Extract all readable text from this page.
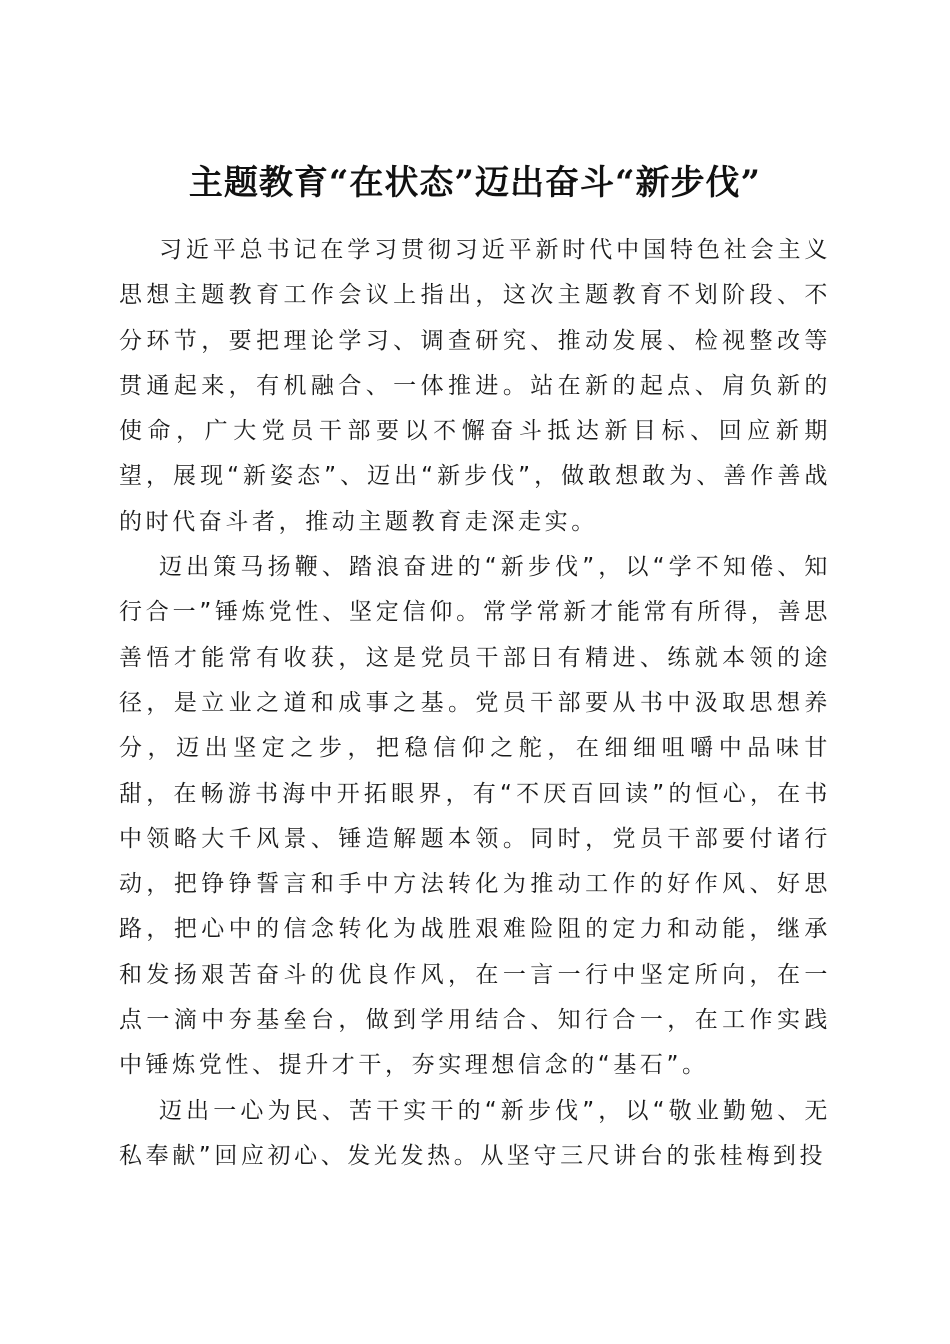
主题教育“在状态”迈出奋斗“新步伐”

习近平总书记在学习贯彻习近平新时代中国特色社会主义思想主题教育工作会议上指出，这次主题教育不划阶段、不分环节，要把理论学习、调查研究、推动发展、检视整改等贯通起来，有机融合、一体推进。站在新的起点、肩负新的使命，广大党员干部要以不懈奋斗抵达新目标、回应新期望，展现“新姿态”、迈出“新步伐”，做敢想敢为、善作善战的时代奋斗者，推动主题教育走深走实。

迈出策马扬鞭、踏浪奋进的“新步伐”，以“学不知倦、知行合一”锤炼党性、坚定信仰。常学常新才能常有所得，善思善悟才能常有收获，这是党员干部日有精进、练就本领的途径，是立业之道和成事之基。党员干部要从书中汲取思想养分，迈出坚定之步，把稳信仰之舵，在细细咀嚼中品味甘甜，在畅游书海中开拓眼界，有“不厌百回读”的恒心，在书中领略大千风景、锤造解题本领。同时，党员干部要付诸行动，把铮铮誓言和手中方法转化为推动工作的好作风、好思路，把心中的信念转化为战胜艰难险阻的定力和动能，继承和发扬艰苦奋斗的优良作风，在一言一行中坚定所向，在一点一滴中夯基垒台，做到学用结合、知行合一，在工作实践中锤炼党性、提升才干，夯实理想信念的“基石”。

迈出一心为民、苦干实干的“新步伐”，以“敬业勤勉、无私奉献”回应初心、发光发热。从坚守三尺讲台的张桂梅到投
